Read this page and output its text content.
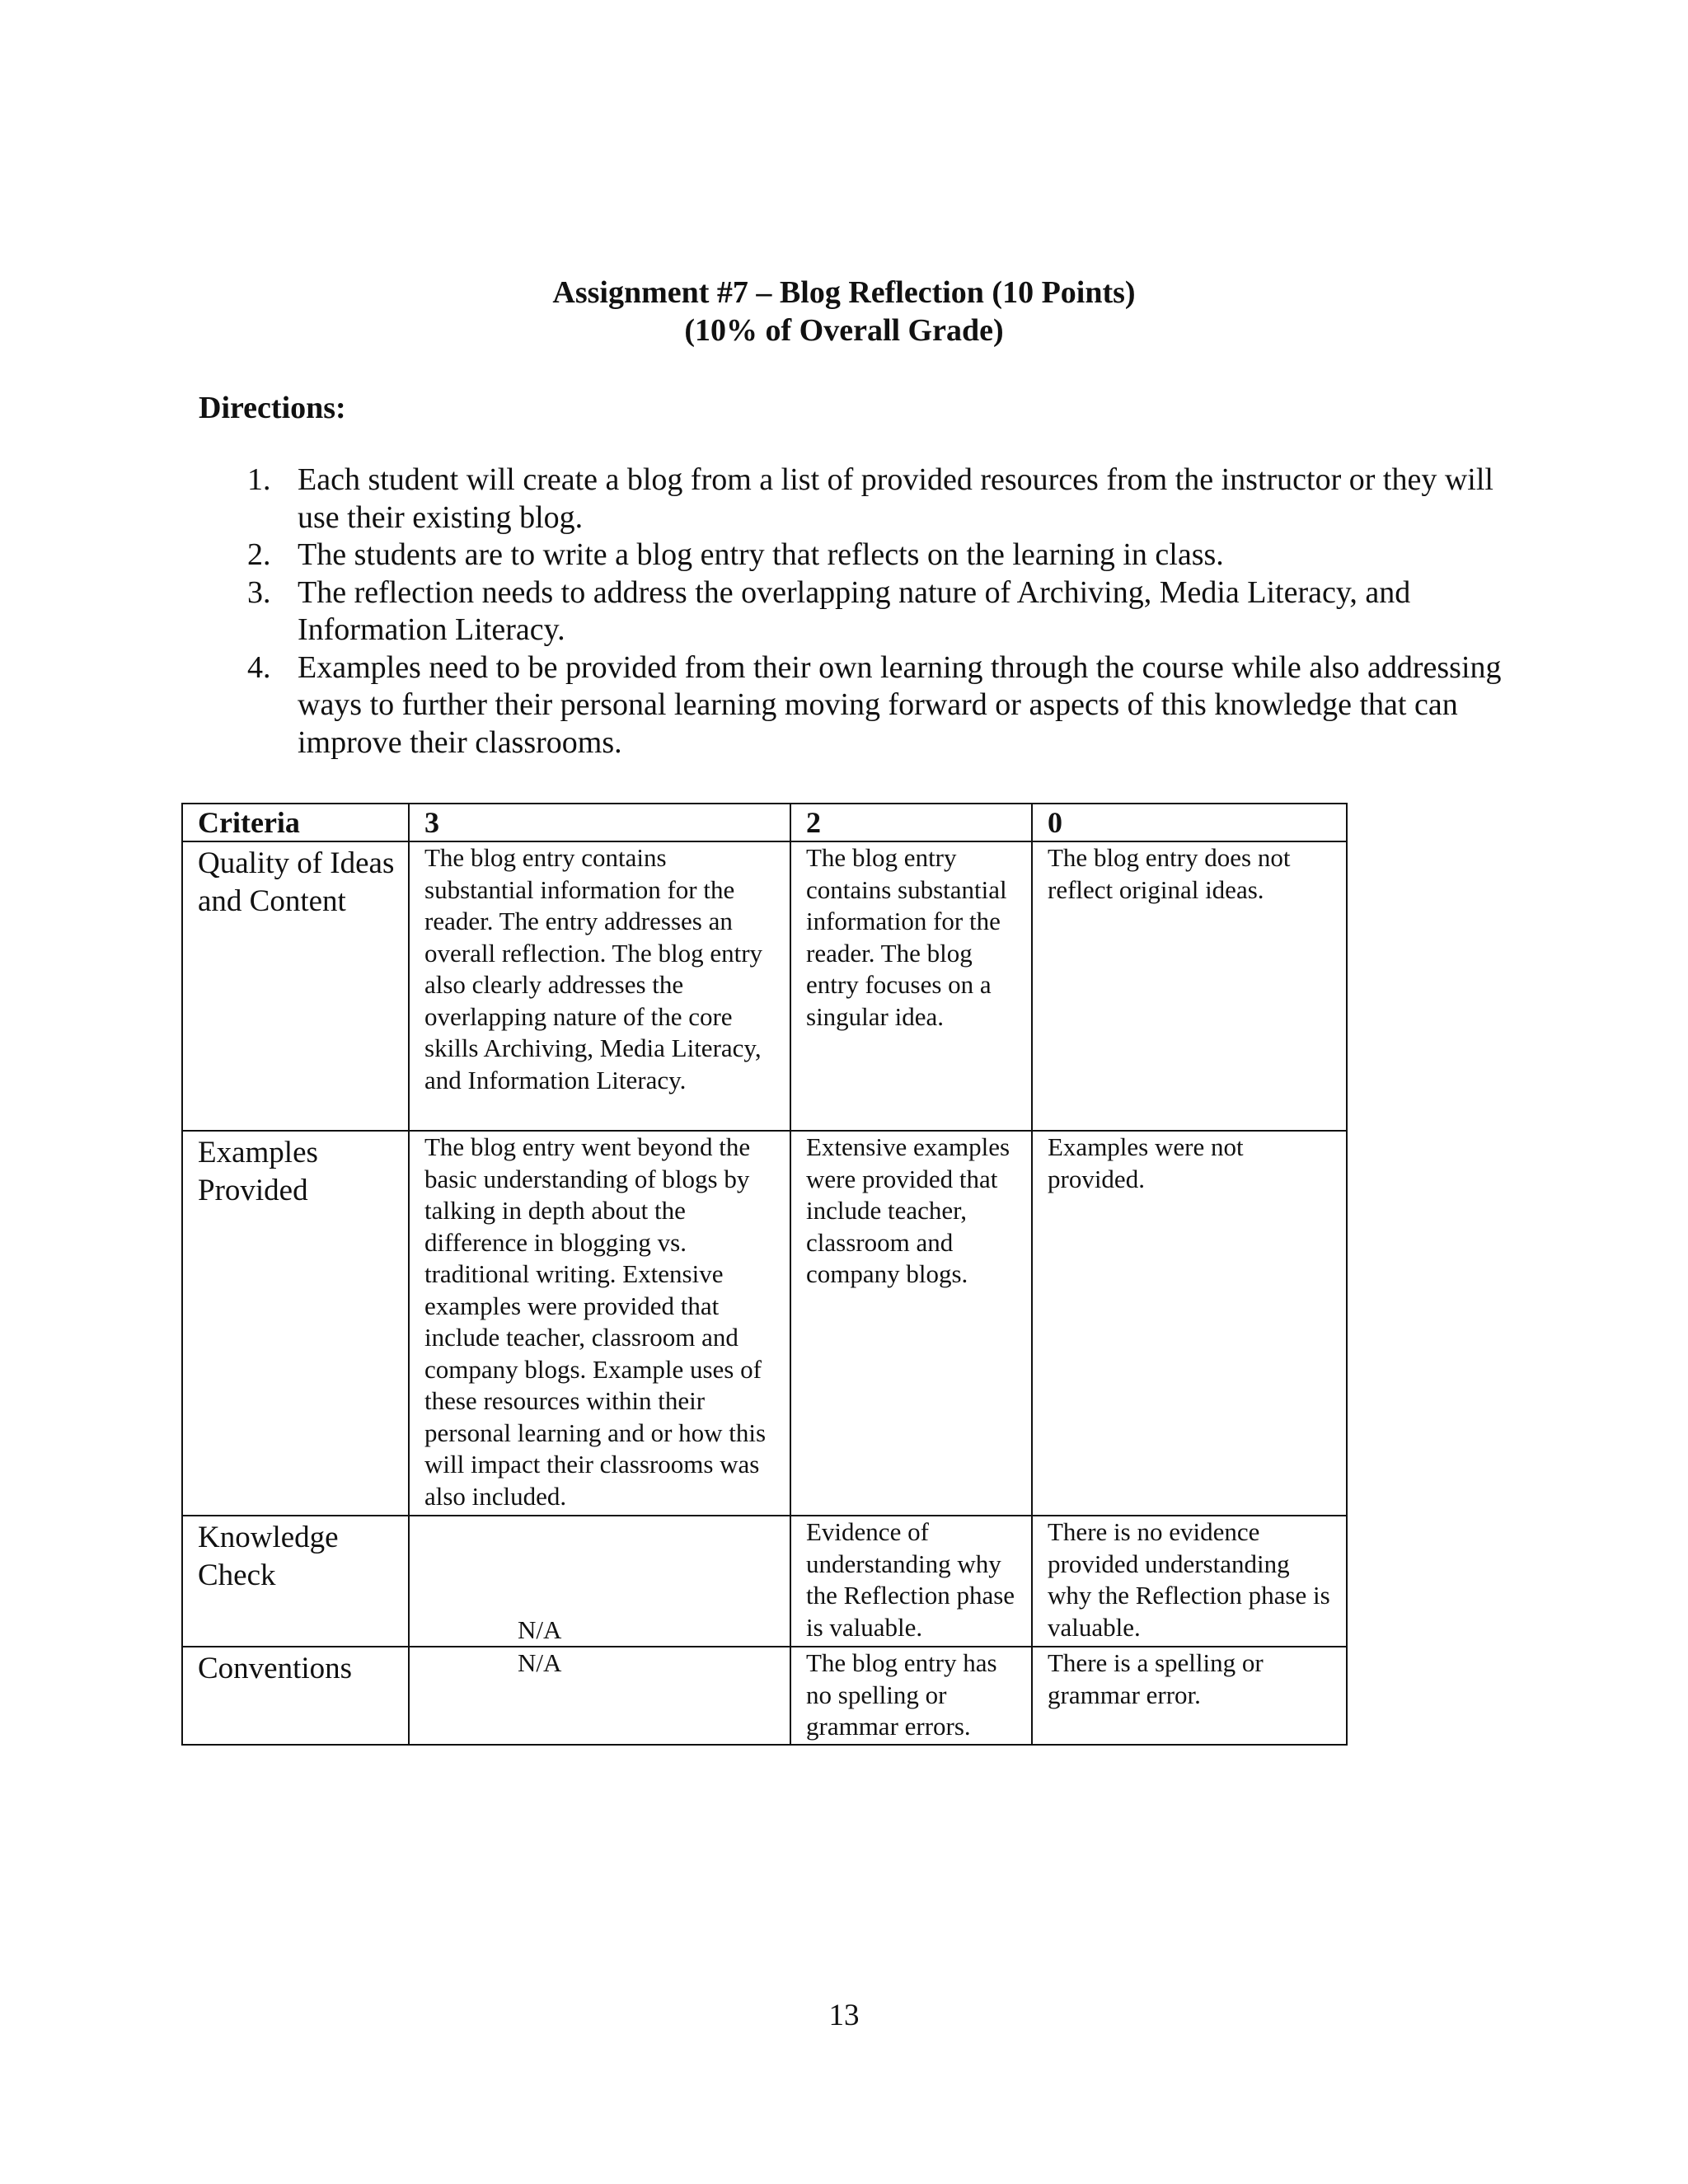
Assignment #7 – Blog Reflection (10 Points)
(10% of Overall Grade)
Directions:
1. Each student will create a blog from a list of provided resources from the instructor or they will use their existing blog.
2. The students are to write a blog entry that reflects on the learning in class.
3. The reflection needs to address the overlapping nature of Archiving, Media Literacy, and Information Literacy.
4. Examples need to be provided from their own learning through the course while also addressing ways to further their personal learning moving forward or aspects of this knowledge that can improve their classrooms.
Criteria	3	2	0
Quality of Ideas and Content	The blog entry contains substantial information for the reader. The entry addresses an overall reflection. The blog entry also clearly addresses the overlapping nature of the core skills Archiving, Media Literacy, and Information Literacy.	The blog entry contains substantial information for the reader. The blog entry focuses on a singular idea.	The blog entry does not reflect original ideas.
Examples Provided	The blog entry went beyond the basic understanding of blogs by talking in depth about the difference in blogging vs. traditional writing. Extensive examples were provided that include teacher, classroom and company blogs. Example uses of these resources within their personal learning and or how this will impact their classrooms was also included.	Extensive examples were provided that include teacher, classroom and company blogs.	Examples were not provided.
Knowledge Check	N/A	Evidence of understanding why the Reflection phase is valuable.	There is no evidence provided understanding why the Reflection phase is valuable.
Conventions	N/A	The blog entry has no spelling or grammar errors.	There is a spelling or grammar error.
13
